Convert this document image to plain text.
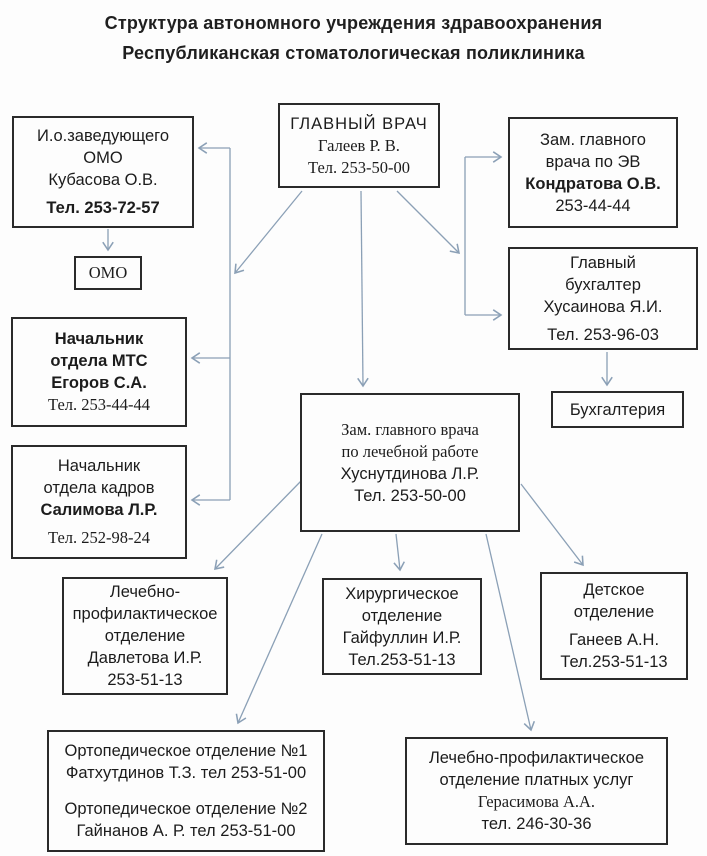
Структура автономного учреждения здравоохранения
Республиканская стоматологическая поликлиника
ГЛАВНЫЙ ВРАЧ
Галеев Р. В.
Тел. 253-50-00
И.о.заведующего
ОМО
Кубасова О.В.
Тел. 253-72-57
ОМО
Зам. главного
врача по ЭВ
Кондратова О.В.
253-44-44
Главный
бухгалтер
Хусаинова Я.И.
Тел. 253-96-03
Бухгалтерия
Начальник
отдела МТС
Егоров С.А.
Тел. 253-44-44
Начальник
отдела кадров
Салимова Л.Р.
Тел. 252-98-24
Зам. главного врача
по лечебной работе
Хуснутдинова Л.Р.
Тел. 253-50-00
Лечебно-
профилактическое
отделение
Давлетова И.Р.
253-51-13
Хирургическое
отделение
Гайфуллин И.Р.
Тел.253-51-13
Детское
отделение
Ганеев А.Н.
Тел.253-51-13
Ортопедическое отделение №1
Фатхутдинов Т.З. тел 253-51-00
Ортопедическое отделение №2
Гайнанов А. Р. тел 253-51-00
Лечебно-профилактическое
отделение платных услуг
Герасимова А.А.
тел. 246-30-36
